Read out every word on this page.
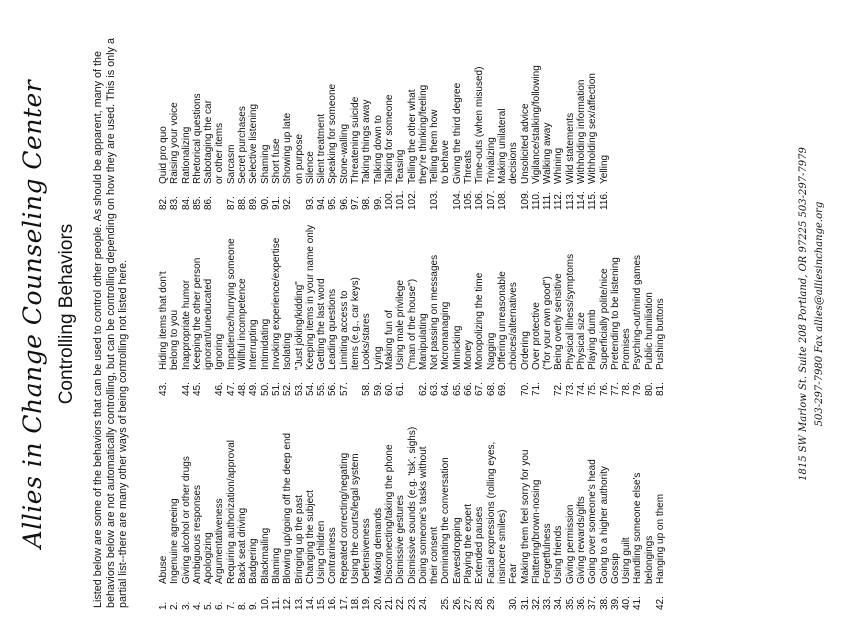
Allies in Change Counseling Center Controlling Behaviors Listed below are some of the behaviors that can be used to control other people. As should be apparent, many of the behaviors below are not automatically controlling, but can be controlling depending on how they are used. This is only a partial list--there are many other ways of being controlling not listed here.	1.
Abuse
2.
Ingenuine agreeing
3.
Giving alcohol or other drugs
4.
Ambiguous responses
5.
Apologizing
6.
Argumentativeness
7.
Requiring authorization/approval
8.
Back seat driving
9.
Badgering
10.
Blackmailing
11.
Blaming
12.
Blowing up/going off the deep end
13.
Bringing up the past
14.
Changing the subject
15.
Using children
16.
Contrariness
17.
Repeated correcting/negating
18.
Using the courts/legal system
19.
Defensiveness
20.
Making demands
21.
Disconnecting/taking the phone
22.
Dismissive gestures
23.
Dismissive sounds (e.g. 'tsk', sighs)
24.
Doing someone's tasks without their consent
25.
Dominating the conversation
26.
Eavesdropping
27.
Playing the expert
28.
Extended pauses
29.
Facial expressions (rolling eyes, insincere smiles)
30.
Fear
31.
Making them feel sorry for you
32.
Flattering/brown-nosing
33.
Forgetfulness
34.
Using friends
35.
Giving permission
36.
Giving rewards/gifts
37.
Going over someone's head
38.
Going to a higher authority
39.
Gossip
40.
Using guilt
41.
Handling someone else's belongings
42.
Hanging up on them
43.
Hiding items that don't belong to you
44.
Inappropriate humor
45.
Keeping the other person ignorant/uneducated
46.
Ignoring
47.
Impatience/hurrying someone
48.
Willful incompetence
49.
Interrupting
50.
Intimidating
51.
Invoking experience/expertise
52.
Isolating
53.
"Just joking/kidding"
54.
Keeping items in your name only
55.
Getting the last word
56.
Leading questions
57.
Limiting access to items (e.g., car keys)
58.
Looks/stares
59.
Lying
60.
Making fun of
61.
Using male privilege ("man of the house")
62.
Manipulating
63.
Not passing on messages
64.
Micromanaging
65.
Mimicking
66.
Money
67.
Monopolizing the time
68.
Nagging
69.
Offering unreasonable choices/alternatives
70.
Ordering
71.
Over protective ("for your own good")
72.
Being overly sensitive
73.
Physical illness/symptoms
74.
Physical size
75.
Playing dumb
76.
Superficially polite/nice
77.
Pretending to be listening
78.
Promises
79.
Psyching-out/mind games
80.
Public humiliation
81.
Pushing buttons
82.
Quid pro quo
83.
Raising your voice
84.
Rationalizing
85.
Rhetorical questions
86.
Sabotaging the car or other items
87.
Sarcasm
88.
Secret purchases
89.
Selective listening
90.
Shaming
91.
Short fuse
92.
Showing up late on purpose
93.
Silence
94.
Silent treatment
95.
Speaking for someone
96.
Stone-walling
97.
Threatening suicide
98.
Taking things away
99.
Talking down to
100.
Talking for someone
101.
Teasing
102.
Telling the other what they're thinking/feeling
103.
Telling them how to behave
104.
Giving the third degree
105.
Threats
106.
Time-outs (when misused)
107.
Trivializing
108.
Making unilateral decisions
109.
Unsolicited advice
110.
Vigilance/stalking/following
111.
Walking away
112.
Whining
113.
Wild statements
114.
Withholding information
115.
Withholding sex/affection
116.
Yelling	1815 SW Marlow St. Suite 208 Portland, OR 97225 503-297-7979 503-297-7980 Fax allies@alliesinchange.org
